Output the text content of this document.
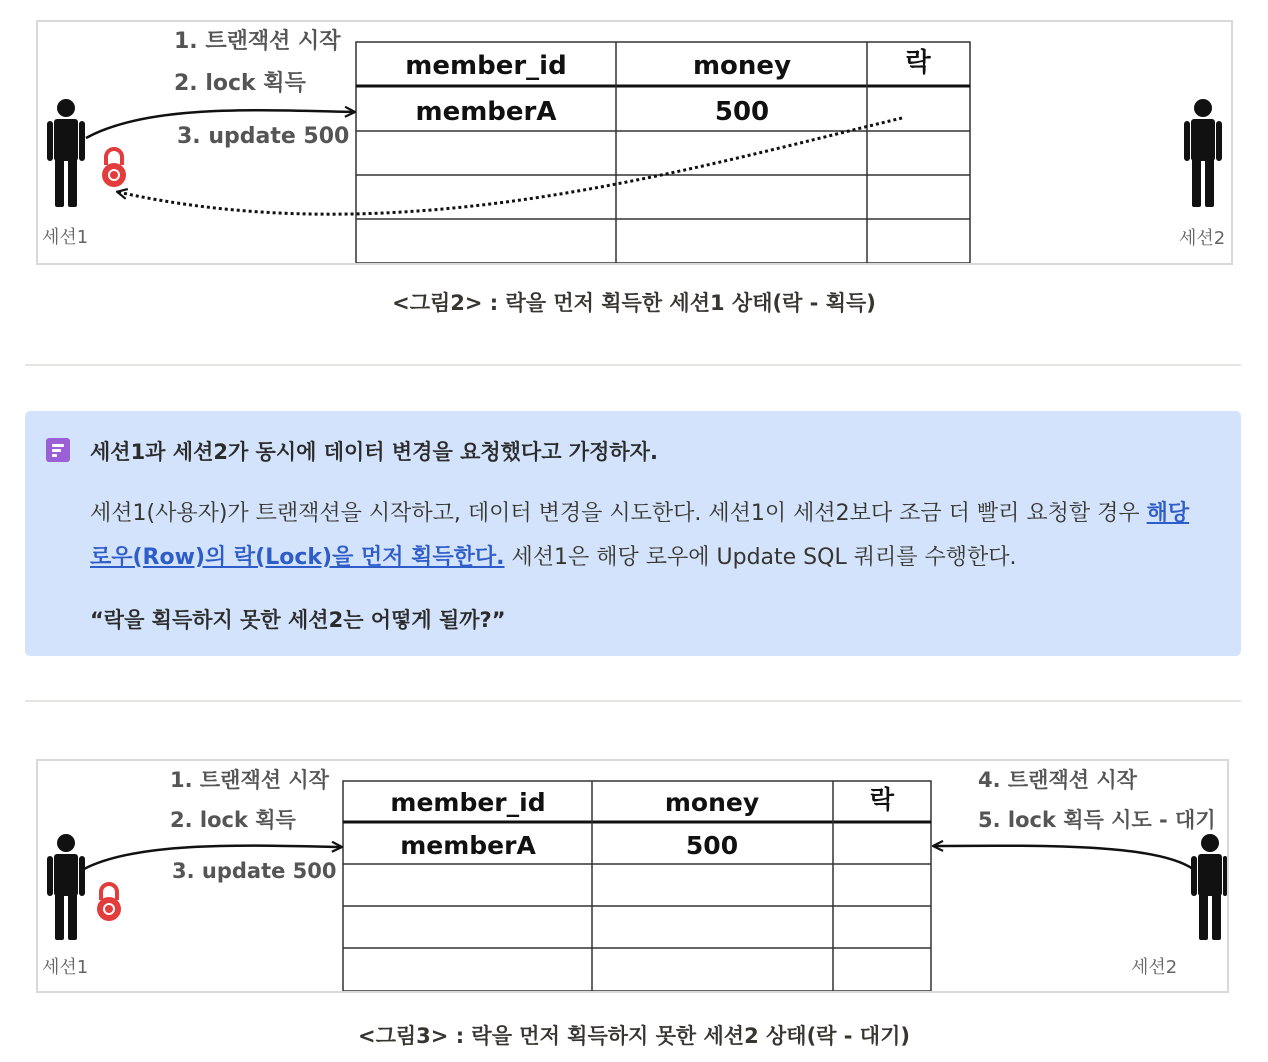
member_id	money	락
memberA	500
1. 트랜잭션 시작
2. lock 획득
3. update 500
세션1	세션2
<그림2> : 락을 먼저 획득한 세션1 상태(락 - 획득)
세션1과 세션2가 동시에 데이터 변경을 요청했다고 가정하자.
세션1(사용자)가 트랜잭션을 시작하고, 데이터 변경을 시도한다. 세션1이 세션2보다 조금 더 빨리 요청할 경우 해당 로우(Row)의 락(Lock)을 먼저 획득한다. 세션1은 해당 로우에 Update SQL 쿼리를 수행한다.
“락을 획득하지 못한 세션2는 어떻게 될까?”
member_id	money	락
memberA	500
1. 트랜잭션 시작
2. lock 획득
3. update 500
4. 트랜잭션 시작
5. lock 획득 시도 - 대기
세션1	세션2
<그림3> : 락을 먼저 획득하지 못한 세션2 상태(락 - 대기)
